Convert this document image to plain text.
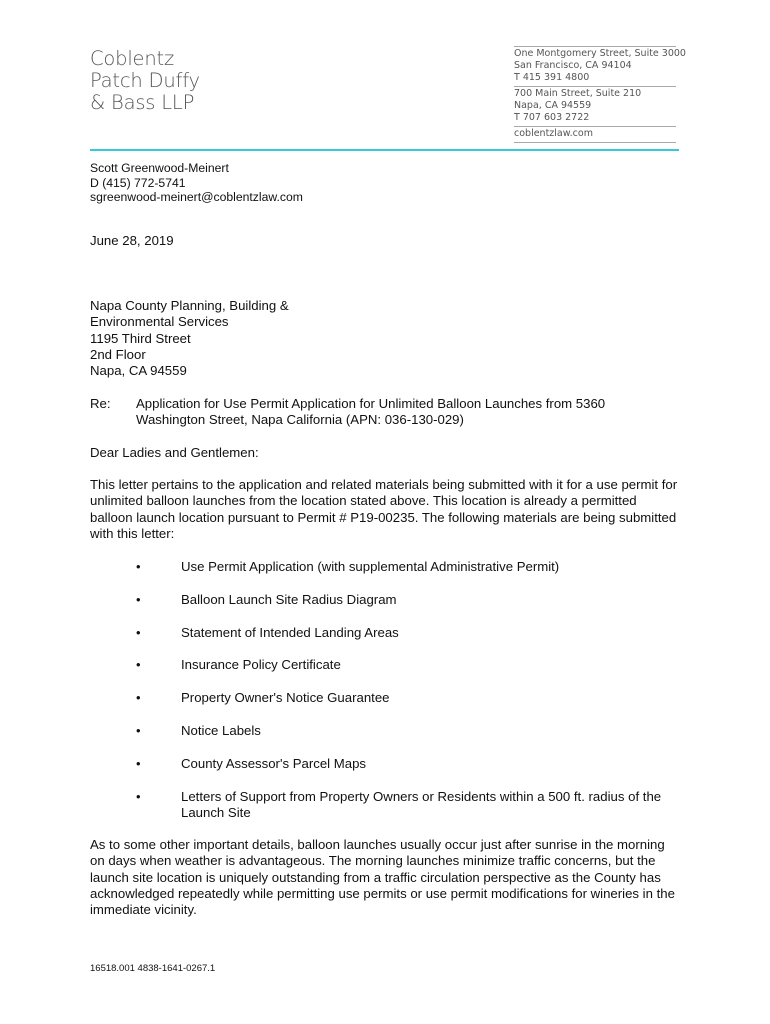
Coblentz
Patch Duffy
& Bass LLP
One Montgomery Street, Suite 3000
San Francisco, CA 94104
T 415 391 4800
700 Main Street, Suite 210
Napa, CA 94559
T 707 603 2722
coblentzlaw.com
Scott Greenwood-Meinert
D (415) 772-5741
sgreenwood-meinert@coblentzlaw.com
June 28, 2019
Napa County Planning, Building &
Environmental Services
1195 Third Street
2nd Floor
Napa, CA 94559
Re: Application for Use Permit Application for Unlimited Balloon Launches from 5360 Washington Street, Napa California (APN: 036-130-029)
Dear Ladies and Gentlemen:
This letter pertains to the application and related materials being submitted with it for a use permit for unlimited balloon launches from the location stated above. This location is already a permitted balloon launch location pursuant to Permit # P19-00235. The following materials are being submitted with this letter:
•	Use Permit Application (with supplemental Administrative Permit)
•	Balloon Launch Site Radius Diagram
•	Statement of Intended Landing Areas
•	Insurance Policy Certificate
•	Property Owner's Notice Guarantee
•	Notice Labels
•	County Assessor's Parcel Maps
•	Letters of Support from Property Owners or Residents within a 500 ft. radius of the Launch Site
As to some other important details, balloon launches usually occur just after sunrise in the morning on days when weather is advantageous. The morning launches minimize traffic concerns, but the launch site location is uniquely outstanding from a traffic circulation perspective as the County has acknowledged repeatedly while permitting use permits or use permit modifications for wineries in the immediate vicinity.
16518.001 4838-1641-0267.1
